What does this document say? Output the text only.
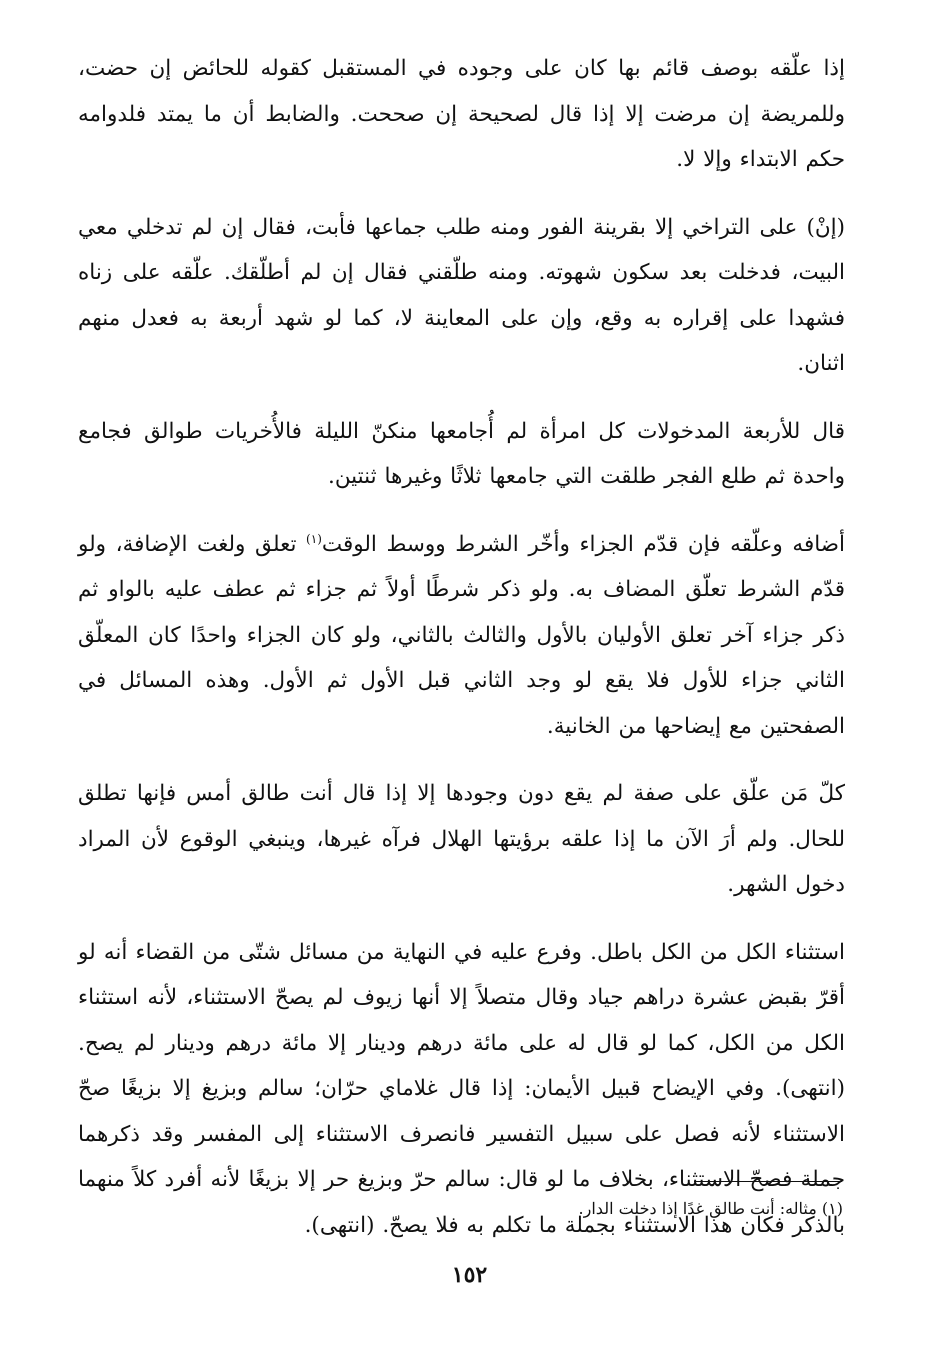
إذا علّقه بوصف قائم بها كان على وجوده في المستقبل كقوله للحائض إن حضت، وللمريضة إن مرضت إلا إذا قال لصحيحة إن صححت. والضابط أن ما يمتد فلدوامه حكم الابتداء وإلا لا.

(إنْ) على التراخي إلا بقرينة الفور ومنه طلب جماعها فأبت، فقال إن لم تدخلي معي البيت، فدخلت بعد سكون شهوته. ومنه طلّقني فقال إن لم أطلّقك. علّقه على زناه فشهدا على إقراره به وقع، وإن على المعاينة لا، كما لو شهد أربعة به فعدل منهم اثنان.

قال للأربعة المدخولات كل امرأة لم أُجامعها منكنّ الليلة فالأُخريات طوالق فجامع واحدة ثم طلع الفجر طلقت التي جامعها ثلاثًا وغيرها ثنتين.

أضافه وعلّقه فإن قدّم الجزاء وأخّر الشرط ووسط الوقت$^{(١)}$ تعلق ولغت الإضافة، ولو قدّم الشرط تعلّق المضاف به. ولو ذكر شرطًا أولاً ثم جزاء ثم عطف عليه بالواو ثم ذكر جزاء آخر تعلق الأوليان بالأول والثالث بالثاني، ولو كان الجزاء واحدًا كان المعلّق الثاني جزاء للأول فلا يقع لو وجد الثاني قبل الأول ثم الأول. وهذه المسائل في الصفحتين مع إيضاحها من الخانية.

كلّ مَن علّق على صفة لم يقع دون وجودها إلا إذا قال أنت طالق أمس فإنها تطلق للحال. ولم أرَ الآن ما إذا علقه برؤيتها الهلال فرآه غيرها، وينبغي الوقوع لأن المراد دخول الشهر.

استثناء الكل من الكل باطل. وفرع عليه في النهاية من مسائل شتّى من القضاء أنه لو أقرّ بقبض عشرة دراهم جياد وقال متصلاً إلا أنها زيوف لم يصحّ الاستثناء، لأنه استثناء الكل من الكل، كما لو قال له على مائة درهم ودينار إلا مائة درهم ودينار لم يصح. (انتهى). وفي الإيضاح قبيل الأيمان: إذا قال غلاماي حرّان؛ سالم وبزيغ إلا بزيغًا صحّ الاستثناء لأنه فصل على سبيل التفسير فانصرف الاستثناء إلى المفسر وقد ذكرهما جملة فصحّ الاستثناء، بخلاف ما لو قال: سالم حرّ وبزيغ حر إلا بزيغًا لأنه أفرد كلاً منهما بالذكر فكان هذا الاستثناء بجملة ما تكلم به فلا يصحّ. (انتهى).

(١) مثاله: أنت طالق غدًا إذا دخلت الدار.
١٥٢
